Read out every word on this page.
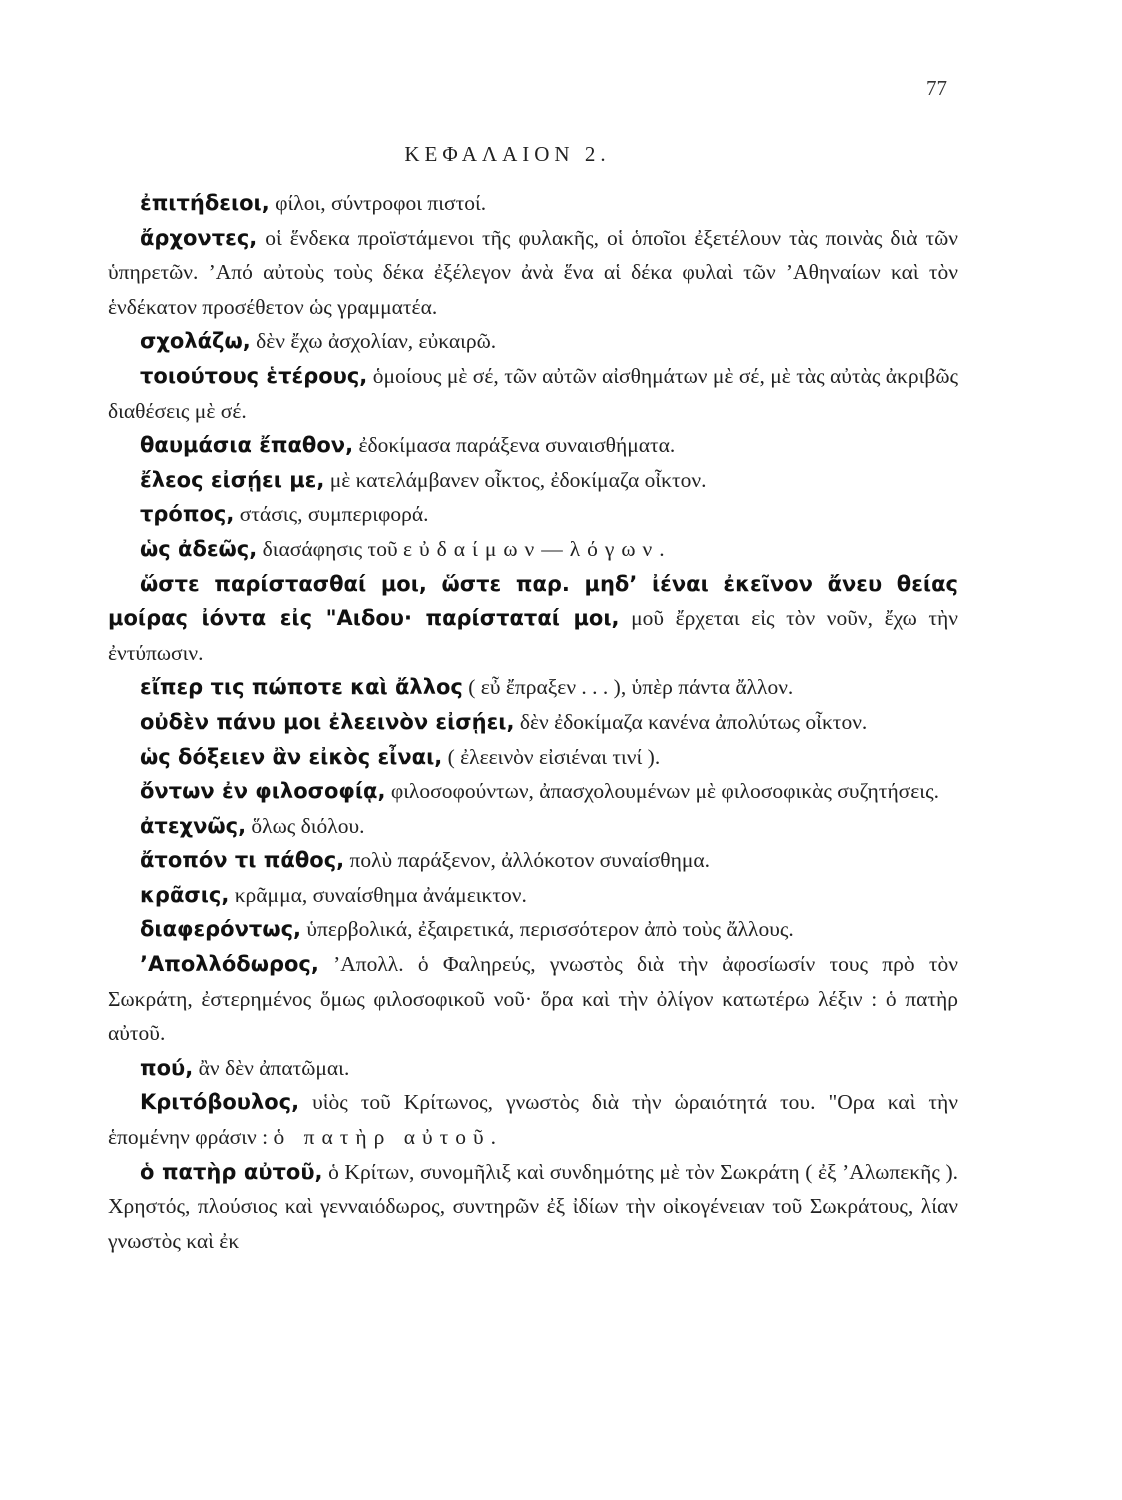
77
ΚΕΦΑΛΑΙΟΝ 2.

ἐπιτήδειοι, φίλοι, σύντροφοι πιστοί.

ἄρχοντες, οἱ ἕνδεκα προϊστάμενοι τῆς φυλακῆς, οἱ ὁποῖοι ἐξετέλουν τὰς ποινὰς διὰ τῶν ὑπηρετῶν. ’Από αὐτοὺς τοὺς δέκα ἐξέλεγον ἀνὰ ἕνα αἱ δέκα φυλαὶ τῶν ’Αθηναίων καὶ τὸν ἑνδέκατον προσέθετον ὡς γραμματέα.

σχολάζω, δὲν ἔχω ἀσχολίαν, εὐκαιρῶ.

τοιούτους ἑτέρους, ὁμοίους μὲ σέ, τῶν αὐτῶν αἰσθημάτων μὲ σέ, μὲ τὰς αὐτὰς ἀκριβῶς διαθέσεις μὲ σέ.

θαυμάσια ἔπαθον, ἐδοκίμασα παράξενα συναισθήματα.

ἔλεος εἰσῄει με, μὲ κατελάμβανεν οἶκτος, ἐδοκίμαζα οἶκτον.

τρόπος, στάσις, συμπεριφορά.

ὡς ἀδεῶς, διασάφησις τοῦ εὐδαίμων—λόγων.

ὥστε παρίστασθαί μοι, ὥστε παρ. μηδ’ ἰέναι ἐκεῖνον ἄνευ θείας μοίρας ἰόντα εἰς "Αιδου· παρίσταταί μοι, μοῦ ἔρχεται εἰς τὸν νοῦν, ἔχω τὴν ἐντύπωσιν.

εἴπερ τις πώποτε καὶ ἄλλος ( εὖ ἔπραξεν . . . ), ὑπὲρ πάντα ἄλλον.

οὐδὲν πάνυ μοι ἐλεεινὸν εἰσῄει, δὲν ἐδοκίμαζα κανένα ἀπολύτως οἶκτον.

ὡς δόξειεν ἂν εἰκὸς εἶναι, ( ἐλεεινὸν εἰσιέναι τινί ).

ὄντων ἐν φιλοσοφίᾳ, φιλοσοφούντων, ἀπασχολουμένων μὲ φιλοσοφικὰς συζητήσεις.

ἀτεχνῶς, ὅλως διόλου.

ἄτοπόν τι πάθος, πολὺ παράξενον, ἀλλόκοτον συναίσθημα.

κρᾶσις, κρᾶμμα, συναίσθημα ἀνάμεικτον.

διαφερόντως, ὑπερβολικά, ἐξαιρετικά, περισσότερον ἀπὸ τοὺς ἄλλους.

’Απολλόδωρος, ’Απολλ. ὁ Φαληρεύς, γνωστὸς διὰ τὴν ἀφοσίωσίν τους πρὸ τὸν Σωκράτη, ἐστερημένος ὅμως φιλοσοφικοῦ νοῦ· ὅρα καὶ τὴν ὀλίγον κατωτέρω λέξιν : ὁ πατὴρ αὐτοῦ.

πού, ἂν δὲν ἀπατῶμαι.

Κριτόβουλος, υἱὸς τοῦ Κρίτωνος, γνωστὸς διὰ τὴν ὡραιότητά του. "Ορα καὶ τὴν ἑπομένην φράσιν : ὁ πατὴρ αὐτοῦ.

ὁ πατὴρ αὐτοῦ, ὁ Κρίτων, συνομῆλιξ καὶ συνδημότης μὲ τὸν Σωκράτη ( ἐξ ’Αλωπεκῆς ). Χρηστός, πλούσιος καὶ γενναιόδωρος, συντηρῶν ἐξ ἰδίων τὴν οἰκογένειαν τοῦ Σωκράτους, λίαν γνωστὸς καὶ ἐκ
